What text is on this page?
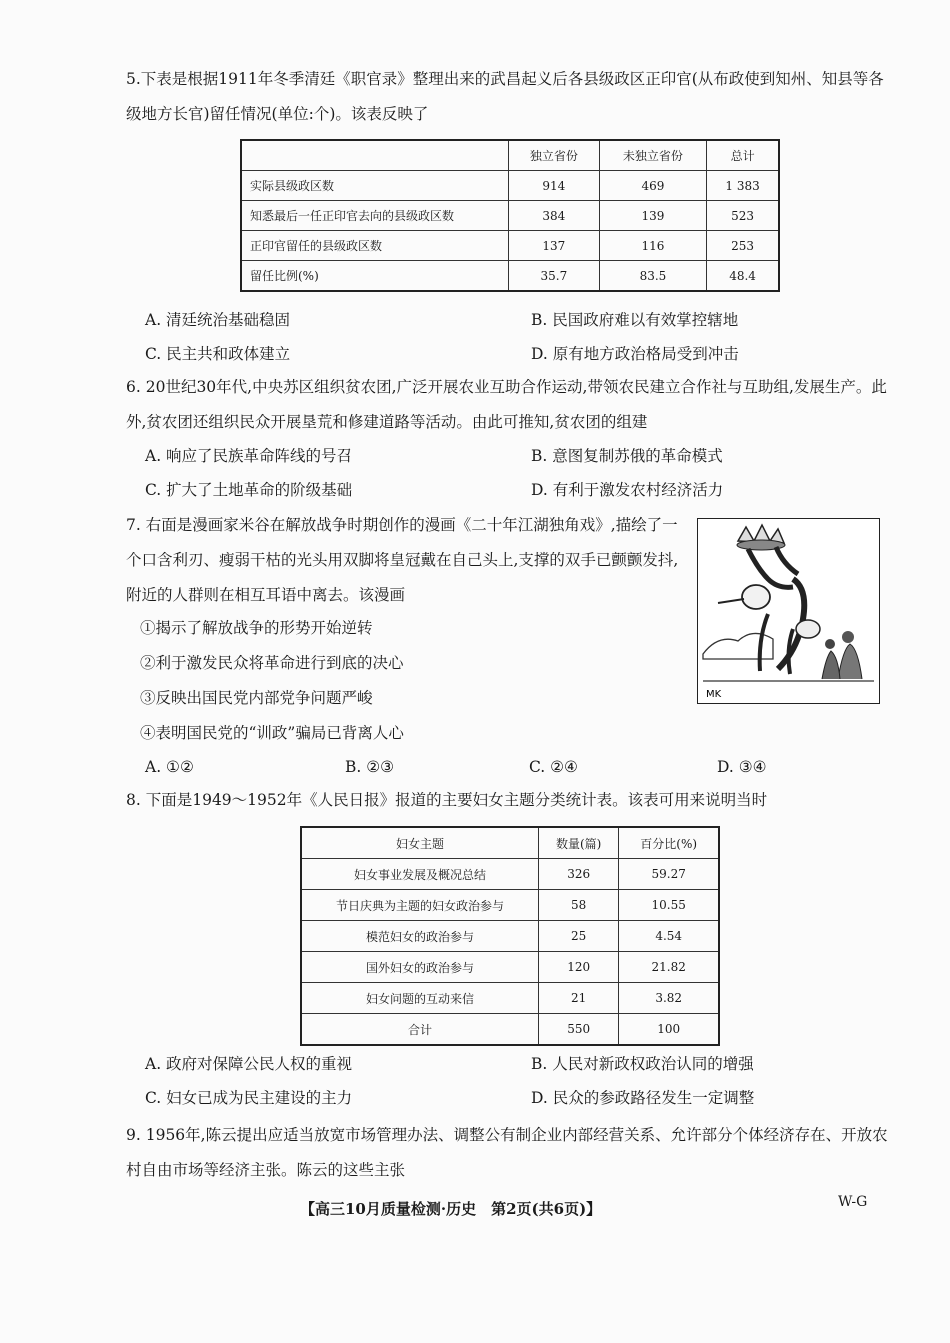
5.下表是根据1911年冬季清廷《职官录》整理出来的武昌起义后各县级政区正印官(从布政使到知州、知县等各级地方长官)留任情况(单位:个)。该表反映了
	独立省份	未独立省份	总计
实际县级政区数	914	469	1 383
知悉最后一任正印官去向的县级政区数	384	139	523
正印官留任的县级政区数	137	116	253
留任比例(%)	35.7	83.5	48.4
A. 清廷统治基础稳固	B. 民国政府难以有效掌控辖地
C. 民主共和政体建立	D. 原有地方政治格局受到冲击
6. 20世纪30年代,中央苏区组织贫农团,广泛开展农业互助合作运动,带领农民建立合作社与互助组,发展生产。此外,贫农团还组织民众开展垦荒和修建道路等活动。由此可推知,贫农团的组建
A. 响应了民族革命阵线的号召	B. 意图复制苏俄的革命模式
C. 扩大了土地革命的阶级基础	D. 有利于激发农村经济活力
7. 右面是漫画家米谷在解放战争时期创作的漫画《二十年江湖独角戏》,描绘了一个口含利刃、瘦弱干枯的光头用双脚将皇冠戴在自己头上,支撑的双手已颤颤发抖,附近的人群则在相互耳语中离去。该漫画
①揭示了解放战争的形势开始逆转
②利于激发民众将革命进行到底的决心
③反映出国民党内部党争问题严峻
④表明国民党的“训政”骗局已背离人心
MK
A. ①②	B. ②③	C. ②④	D. ③④
8. 下面是1949～1952年《人民日报》报道的主要妇女主题分类统计表。该表可用来说明当时
妇女主题	数量(篇)	百分比(%)
妇女事业发展及概况总结	326	59.27
节日庆典为主题的妇女政治参与	58	10.55
模范妇女的政治参与	25	4.54
国外妇女的政治参与	120	21.82
妇女问题的互动来信	21	3.82
合计	550	100
A. 政府对保障公民人权的重视	B. 人民对新政权政治认同的增强
C. 妇女已成为民主建设的主力	D. 民众的参政路径发生一定调整
9. 1956年,陈云提出应适当放宽市场管理办法、调整公有制企业内部经营关系、允许部分个体经济存在、开放农村自由市场等经济主张。陈云的这些主张
【高三10月质量检测·历史　第2页(共6页)】	W-G
